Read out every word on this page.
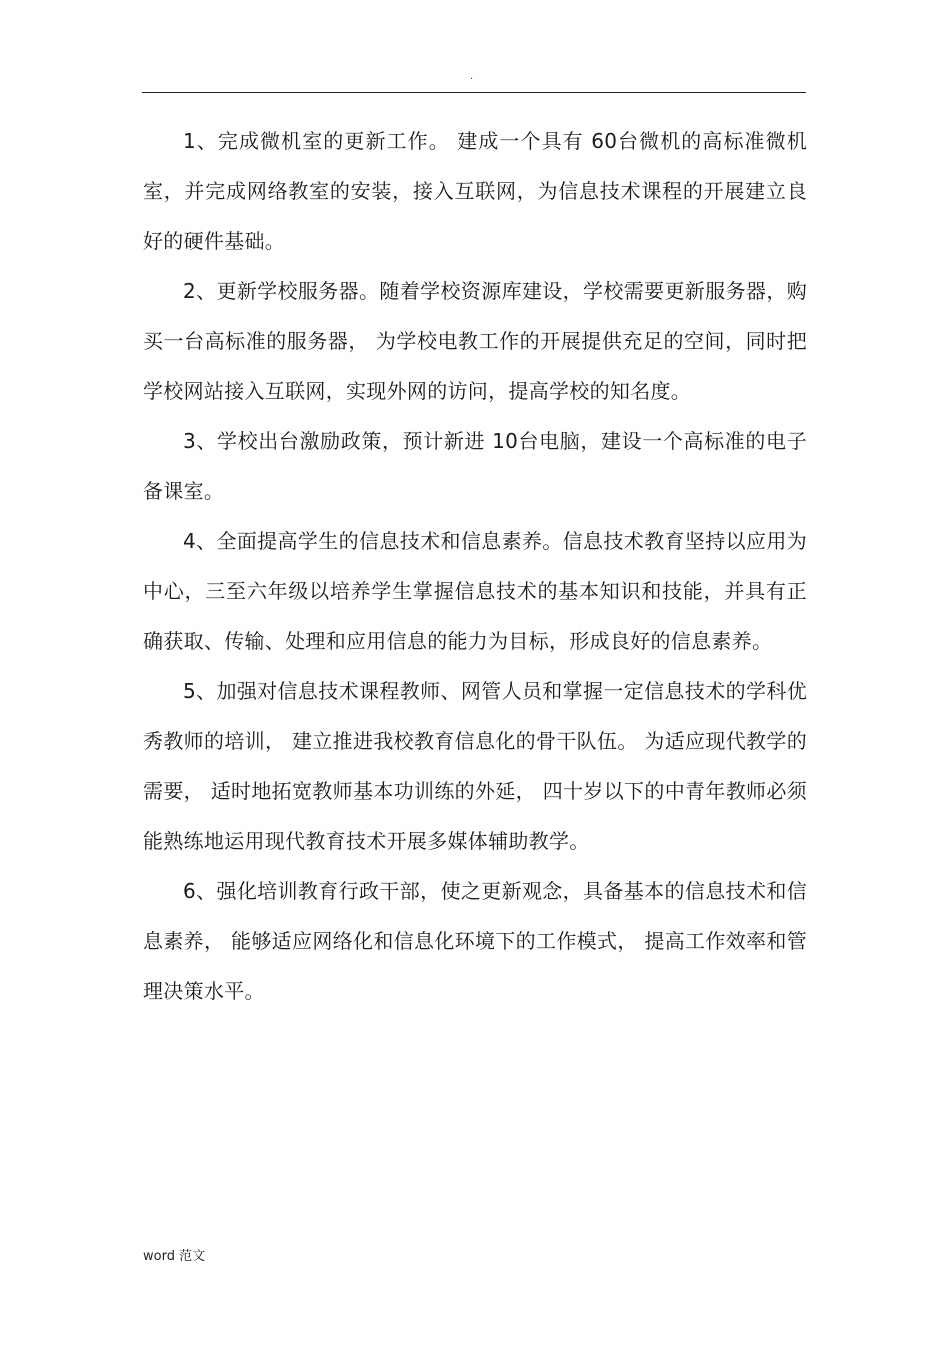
.

1、完成微机室的更新工作。 建成一个具有 60台微机的高标准微机室，并完成网络教室的安装，接入互联网，为信息技术课程的开展建立良好的硬件基础。

2、更新学校服务器。随着学校资源库建设，学校需要更新服务器，购买一台高标准的服务器， 为学校电教工作的开展提供充足的空间，同时把学校网站接入互联网，实现外网的访问，提高学校的知名度。

3、学校出台激励政策，预计新进 10台电脑，建设一个高标准的电子备课室。

4、全面提高学生的信息技术和信息素养。信息技术教育坚持以应用为中心，三至六年级以培养学生掌握信息技术的基本知识和技能，并具有正确获取、传输、处理和应用信息的能力为目标，形成良好的信息素养。

5、加强对信息技术课程教师、网管人员和掌握一定信息技术的学科优秀教师的培训， 建立推进我校教育信息化的骨干队伍。 为适应现代教学的需要， 适时地拓宽教师基本功训练的外延， 四十岁以下的中青年教师必须能熟练地运用现代教育技术开展多媒体辅助教学。

6、强化培训教育行政干部，使之更新观念，具备基本的信息技术和信息素养， 能够适应网络化和信息化环境下的工作模式， 提高工作效率和管理决策水平。

word 范文
